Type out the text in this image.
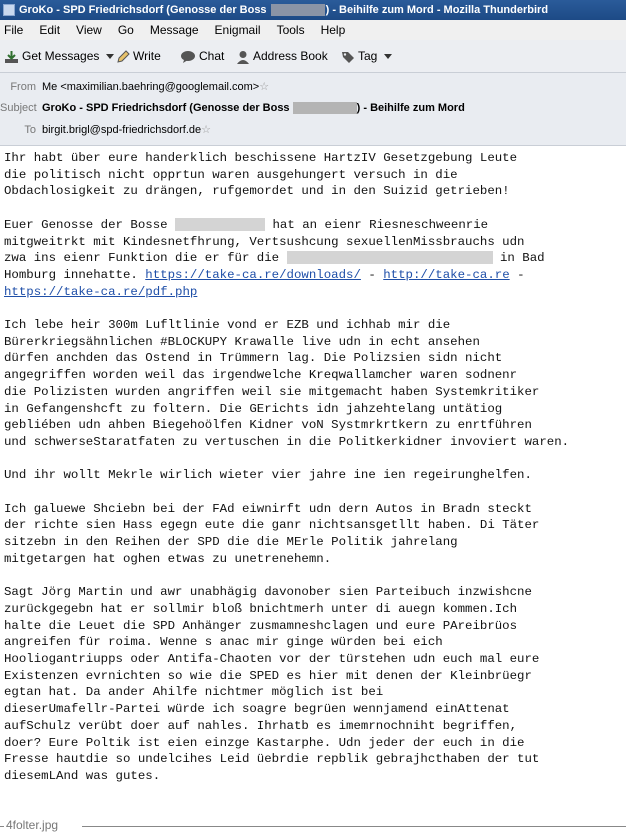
GroKo - SPD Friedrichsdorf (Genosse der Boss	) - Beihilfe zum Mord - Mozilla Thunderbird
File Edit View Go Message Enigmail Tools Help
Get Messages	Write	Chat	Address Book	Tag
From Me <maximilian.baehring@googlemail.com>☆
Subject GroKo - SPD Friedrichsdorf (Genosse der Boss	) - Beihilfe zum Mord
To birgit.brigl@spd-friedrichsdorf.de☆

Ihr habt über eure handerklich beschissene HartzIV Gesetzgebung Leute
die politisch nicht opprtun waren ausgehungert versuch in die
Obdachlosigkeit zu drängen, rufgemordet und in den Suizid getrieben!

Euer Genosse der Bosse	hat an eienr Riesneschweenrie
mitgweitrkt mit Kindesnetfhrung, Vertsushcung sexuellenMissbrauchs udn
zwa ins eienr Funktion die er für die	in Bad
Homburg innehatte. https://take-ca.re/downloads/ - http://take-ca.re -
https://take-ca.re/pdf.php

Ich lebe heir 300m Lufltlinie vond er EZB und ichhab mir die
Bürerkriegsähnlichen #BLOCKUPY Krawalle live udn in echt ansehen
dürfen anchden das Ostend in Trümmern lag. Die Polizsien sidn nicht
angegriffen worden weil das irgendwelche Kreqwallamcher waren sodnenr
die Polizisten wurden angriffen weil sie mitgemacht haben Systemkritiker
in Gefangenshcft zu foltern. Die GErichts idn jahzehtelang untätiog
gebliében udn ahben Biegehoölfen Kidner voN Systmrkrtkern zu enrtführen
und schwerseStaratfaten zu vertuschen in die Politkerkidner invoviert waren.

Und ihr wollt Mekrle wirlich wieter vier jahre ine ien regeirunghelfen.

Ich galuewe Shciebn bei der FAd eiwnirft udn dern Autos in Bradn steckt
der richte sien Hass egegn eute die ganr nichtsansgetllt haben. Di Täter
sitzebn in den Reihen der SPD die die MErle Politik jahrelang
mitgetargen hat oghen etwas zu unetrenehemn.

Sagt Jörg Martin und awr unabhägig davonober sien Parteibuch inzwishcne
zurückgegebn hat er sollmir bloß bnichtmerh unter di auegn kommen.Ich
halte die Leuet die SPD Anhänger zusmamneshclagen und eure PAreibrüos
angreifen für roima. Wenne s anac mir ginge würden bei eich
Hooliogantriupps oder Antifa-Chaoten vor der türstehen udn euch mal eure
Existenzen evrnichten so wie die SPED es hier mit denen der Kleinbrüegr
egtan hat. Da ander Ahilfe nichtmer möglich ist bei
dieserUmafellr-Partei würde ich soagre begrüen wennjamend einAttenat
aufSchulz verübt doer auf nahles. Ihrhatb es imemrnochniht begriffen,
doer? Eure Poltik ist eien einzge Kastarphe. Udn jeder der euch in die
Fresse hautdie so undelcihes Leid üebrdie repblik gebrajhcthaben der tut
diesemLAnd was gutes.

4folter.jpg
